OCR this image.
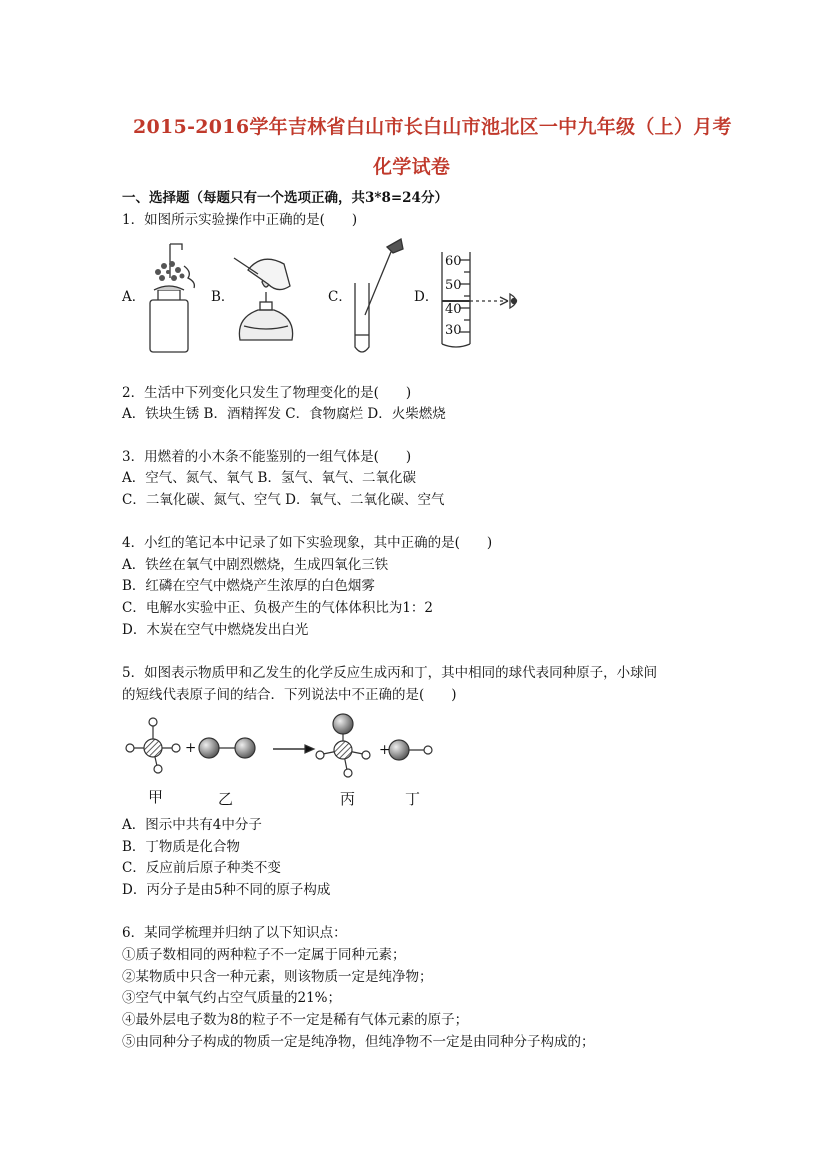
2015-2016学年吉林省白山市长白山市池北区一中九年级（上）月考
化学试卷
一、选择题（每题只有一个选项正确，共3*8=24分）
1．如图所示实验操作中正确的是(　　)
A．	B．	C．	D．
60
50
40
30
2．生活中下列变化只发生了物理变化的是(　　)
A．铁块生锈 B．酒精挥发 C．食物腐烂 D．火柴燃烧
3．用燃着的小木条不能鉴别的一组气体是(　　)
A．空气、氮气、氧气 B．氢气、氧气、二氧化碳
C．二氧化碳、氮气、空气 D．氧气、二氧化碳、空气
4．小红的笔记本中记录了如下实验现象，其中正确的是(　　)
A．铁丝在氧气中剧烈燃烧，生成四氧化三铁
B．红磷在空气中燃烧产生浓厚的白色烟雾
C．电解水实验中正、负极产生的气体体积比为1：2
D．木炭在空气中燃烧发出白光
5．如图表示物质甲和乙发生的化学反应生成丙和丁，其中相同的球代表同种原子，小球间
的短线代表原子间的结合．下列说法中不正确的是(　　)
+	+
甲	乙	丙	丁
A．图示中共有4中分子
B．丁物质是化合物
C．反应前后原子种类不变
D．丙分子是由5种不同的原子构成
6．某同学梳理并归纳了以下知识点：
①质子数相同的两种粒子不一定属于同种元素；
②某物质中只含一种元素，则该物质一定是纯净物；
③空气中氧气约占空气质量的21%；
④最外层电子数为8的粒子不一定是稀有气体元素的原子；
⑤由同种分子构成的物质一定是纯净物，但纯净物不一定是由同种分子构成的；
